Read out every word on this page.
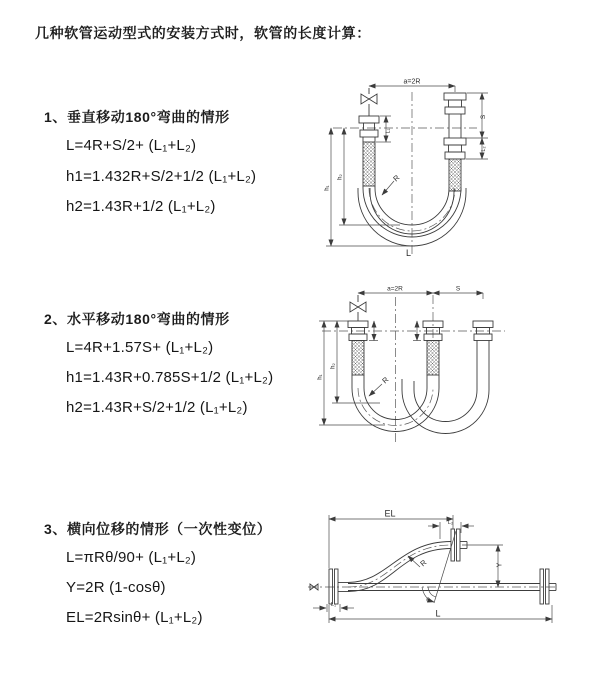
几种软管运动型式的安装方式时，软管的长度计算：
1、垂直移动180°弯曲的情形
L=4R+S/2+ (L₁+L₂)
h1=1.432R+S/2+1/2 (L₁+L₂)
h2=1.43R+1/2 (L₁+L₂)
a=2R
L₁
S
L₂
h₁
h₂	R
L
2、水平移动180°弯曲的情形
L=4R+1.57S+ (L₁+L₂)
h1=1.43R+0.785S+1/2 (L₁+L₂)
h2=1.43R+S/2+1/2 (L₁+L₂)
a=2R	S
h₁
h₂
R
3、横向位移的情形（一次性变位）
L=πRθ/90+ (L₁+L₂)
Y=2R (1-cosθ)
EL=2Rsinθ+ (L₁+L₂)
EL
L₂
Y
R
θ
L₁
L
